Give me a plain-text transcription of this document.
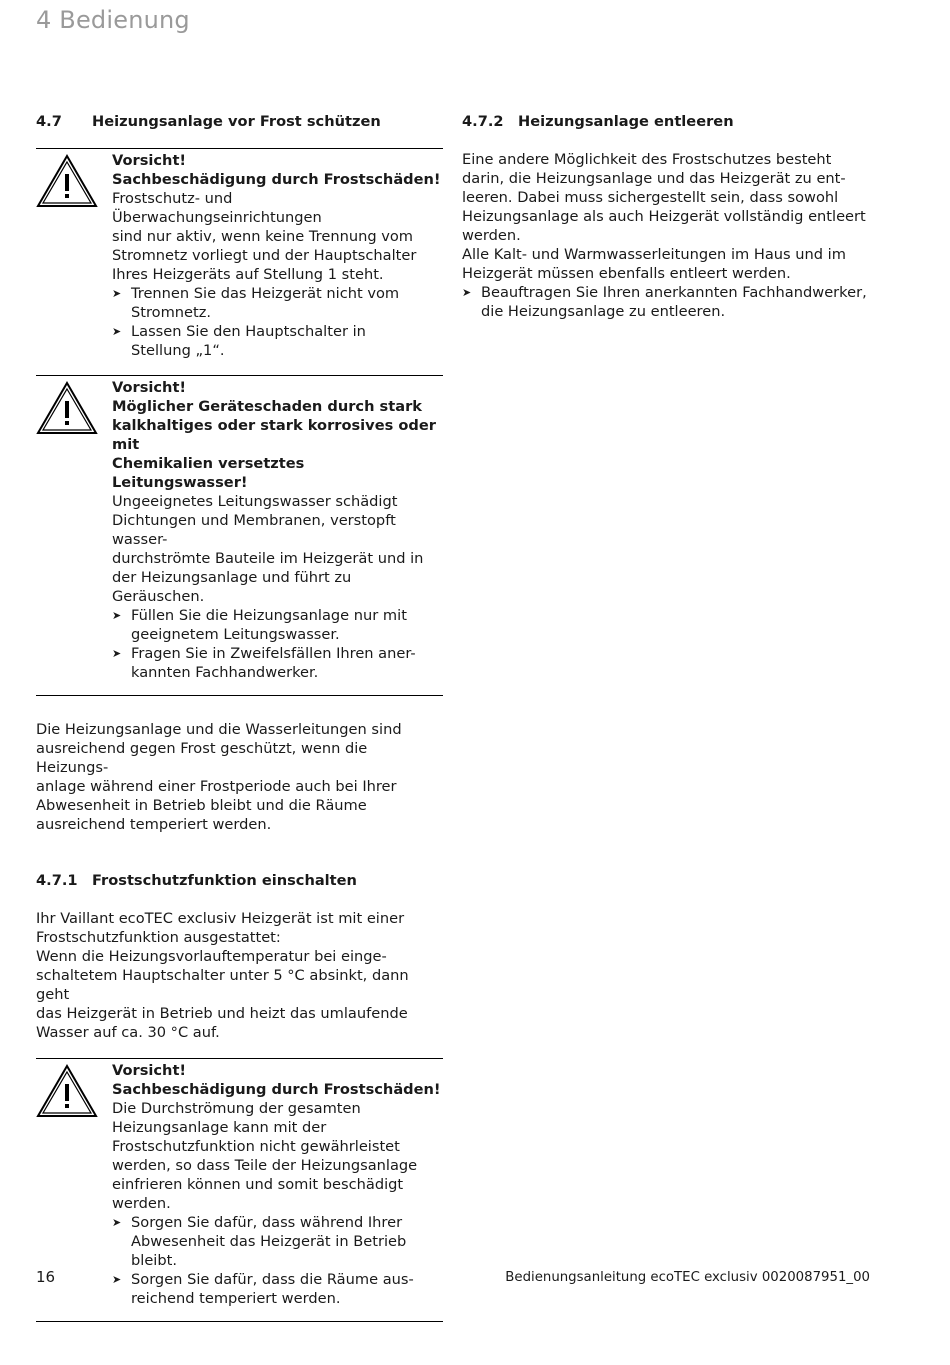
4 Bedienung
4.7	Heizungsanlage vor Frost schützen
Vorsicht!
Sachbeschädigung durch Frostschäden!
Frostschutz- und Überwachungseinrichtungen
sind nur aktiv, wenn keine Trennung vom
Stromnetz vorliegt und der Hauptschalter
Ihres Heizgeräts auf Stellung 1 steht.
➤ Trennen Sie das Heizgerät nicht vom
Stromnetz.
➤ Lassen Sie den Hauptschalter in
Stellung „1“.
Vorsicht!
Möglicher Geräteschaden durch stark
kalkhaltiges oder stark korrosives oder mit
Chemikalien versetztes Leitungswasser!
Ungeeignetes Leitungswasser schädigt
Dichtungen und Membranen, verstopft wasser-
durchströmte Bauteile im Heizgerät und in
der Heizungsanlage und führt zu Geräuschen.
➤ Füllen Sie die Heizungsanlage nur mit
geeignetem Leitungswasser.
➤ Fragen Sie in Zweifelsfällen Ihren aner-
kannten Fachhandwerker.

Die Heizungsanlage und die Wasserleitungen sind

ausreichend gegen Frost geschützt, wenn die Heizungs-

anlage während einer Frostperiode auch bei Ihrer

Abwesenheit in Betrieb bleibt und die Räume

ausreichend temperiert werden.

4.7.1 Frostschutzfunktion einschalten

Ihr Vaillant ecoTEC exclusiv Heizgerät ist mit einer

Frostschutzfunktion ausgestattet:

Wenn die Heizungsvorlauftemperatur bei einge-

schaltetem Hauptschalter unter 5 °C absinkt, dann geht

das Heizgerät in Betrieb und heizt das umlaufende

Wasser auf ca. 30 °C auf.

Vorsicht!
Sachbeschädigung durch Frostschäden!
Die Durchströmung der gesamten
Heizungsanlage kann mit der
Frostschutzfunktion nicht gewährleistet
werden, so dass Teile der Heizungsanlage
einfrieren können und somit beschädigt
werden.
➤ Sorgen Sie dafür, dass während Ihrer
Abwesenheit das Heizgerät in Betrieb
bleibt.
➤ Sorgen Sie dafür, dass die Räume aus-
reichend temperiert werden.
4.7.2 Heizungsanlage entleeren

Eine andere Möglichkeit des Frostschutzes besteht

darin, die Heizungsanlage und das Heizgerät zu ent-

leeren. Dabei muss sichergestellt sein, dass sowohl

Heizungsanlage als auch Heizgerät vollständig entleert

werden.

Alle Kalt- und Warmwasserleitungen im Haus und im

Heizgerät müssen ebenfalls entleert werden.

➤ Beauftragen Sie Ihren anerkannten Fachhandwerker,
die Heizungsanlage zu entleeren.
16	Bedienungsanleitung ecoTEC exclusiv 0020087951_00
